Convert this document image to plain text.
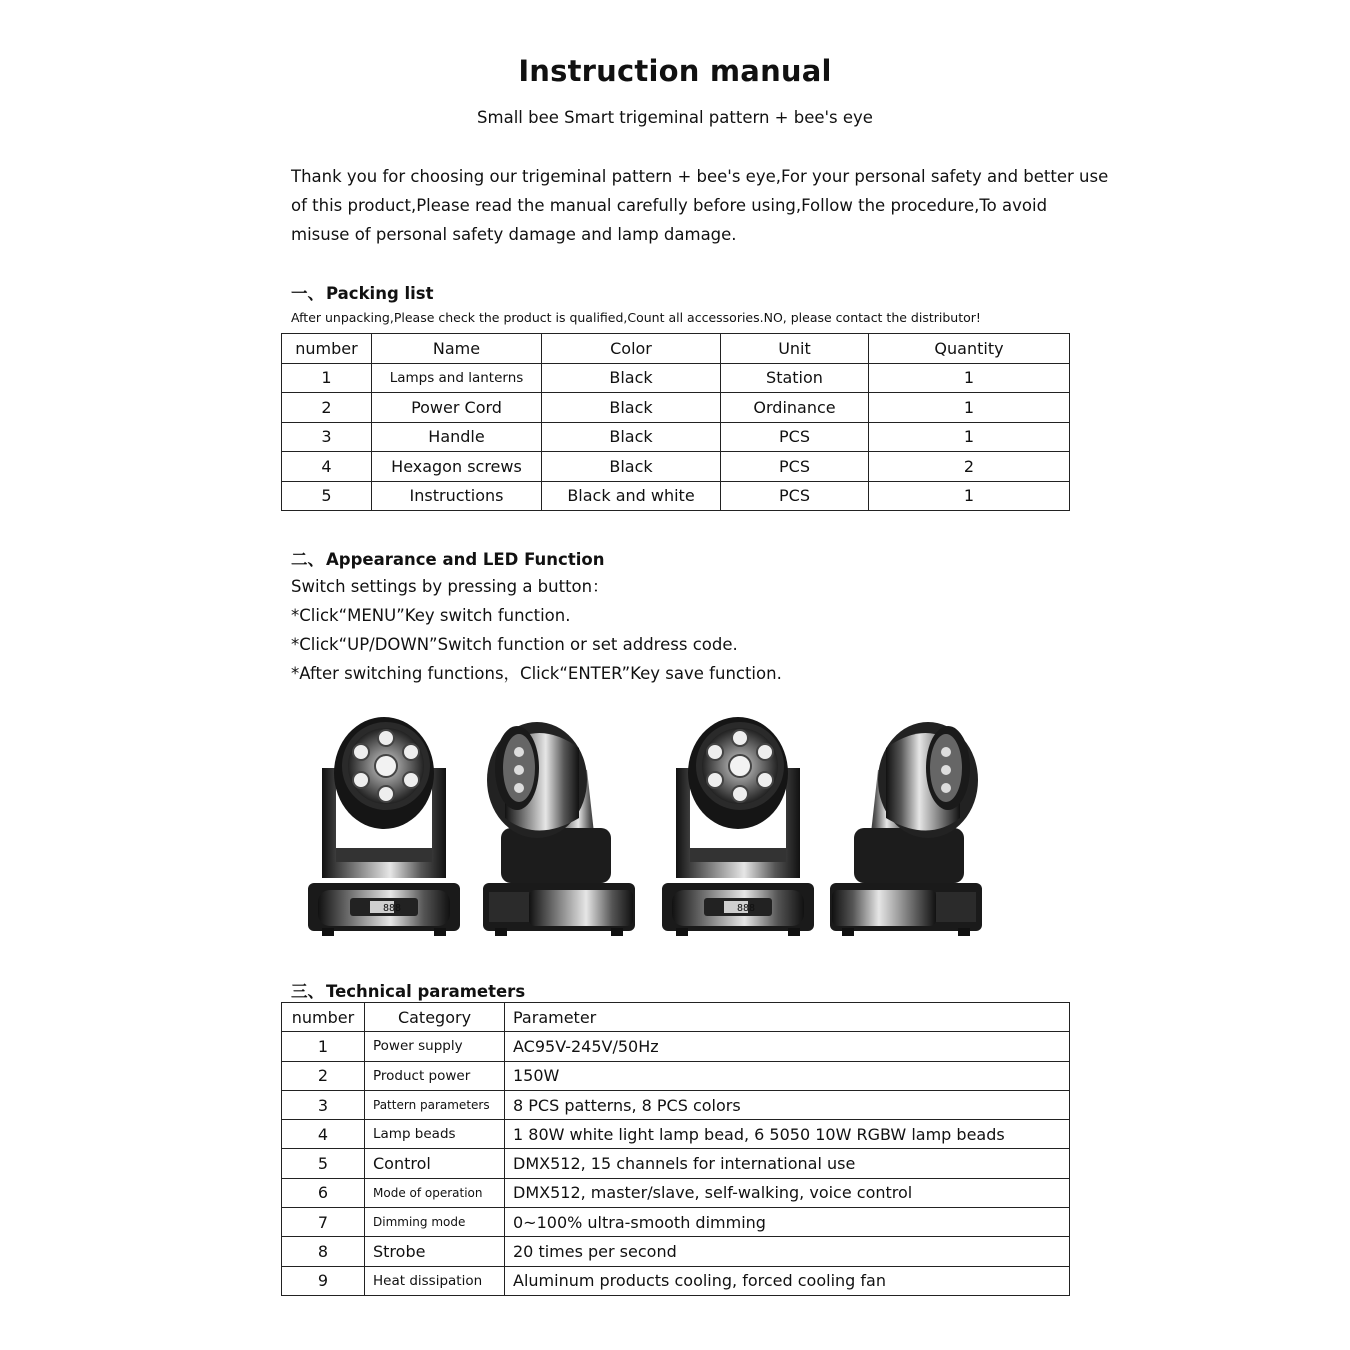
Instruction manual
Small bee Smart trigeminal pattern + bee's eye

Thank you for choosing our trigeminal pattern + bee's eye,For your personal safety and better use

of this product,Please read the manual carefully before using,Follow the procedure,To avoid

misuse of personal safety damage and lamp damage.

一、 Packing list
After unpacking,Please check the product is qualified,Count all accessories.NO, please contact the distributor!
number	Name	Color	Unit	Quantity
1	Lamps and lanterns	Black	Station	1
2	Power Cord	Black	Ordinance	1
3	Handle	Black	PCS	1
4	Hexagon screws	Black	PCS	2
5	Instructions	Black and white	PCS	1
二、 Appearance and LED Function
Switch settings by pressing a button：
*Click“MENU”Key switch function.
*Click“UP/DOWN”Switch function or set address code.
*After switching functions，Click“ENTER”Key save function.
888	888
三、 Technical parameters
number	Category	Parameter
1	Power supply	AC95V-245V/50Hz
2	Product power	150W
3	Pattern parameters	8 PCS patterns, 8 PCS colors
4	Lamp beads	1 80W white light lamp bead, 6 5050 10W RGBW lamp beads
5	Control	DMX512, 15 channels for international use
6	Mode of operation	DMX512, master/slave, self-walking, voice control
7	Dimming mode	0~100% ultra-smooth dimming
8	Strobe	20 times per second
9	Heat dissipation	Aluminum products cooling, forced cooling fan
